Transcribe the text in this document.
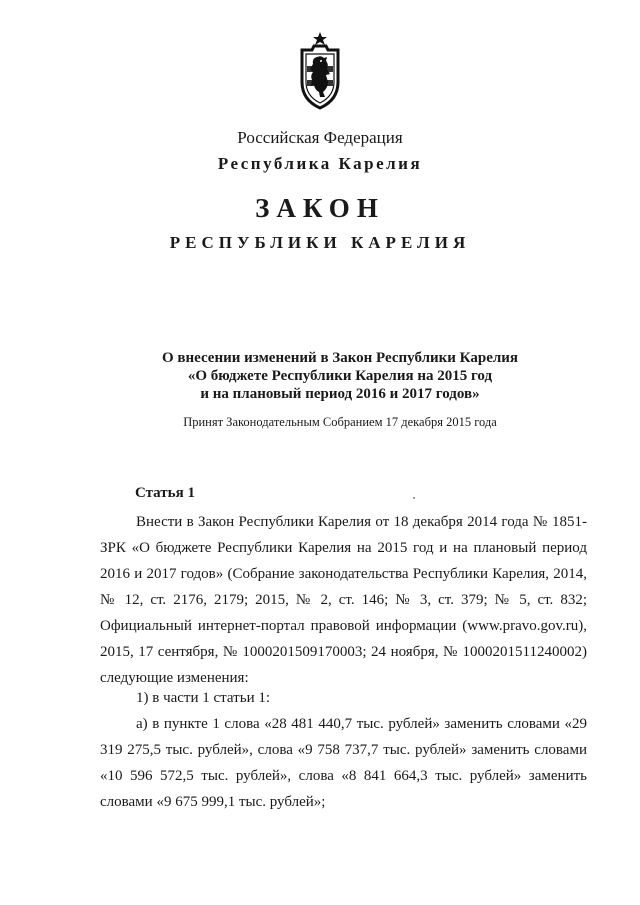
Российская Федерация
Республика Карелия
ЗАКОН
РЕСПУБЛИКИ КАРЕЛИЯ
О внесении изменений в Закон Республики Карелия
«О бюджете Республики Карелия на 2015 год
и на плановый период 2016 и 2017 годов»
Принят Законодательным Собранием 17 декабря 2015 года
Статья 1

Внести в Закон Республики Карелия от 18 декабря 2014 года № 1851-ЗРК «О бюджете Республики Карелия на 2015 год и на плановый период 2016 и 2017 годов» (Собрание законодательства Республики Карелия, 2014, № 12, ст. 2176, 2179; 2015, № 2, ст. 146; № 3, ст. 379; № 5, ст. 832; Официальный интернет-портал правовой информации (www.pravo.gov.ru), 2015, 17 сентября, № 1000201509170003; 24 ноября, № 1000201511240002) следующие изменения:

1) в части 1 статьи 1:

а) в пункте 1 слова «28 481 440,7 тыс. рублей» заменить словами «29 319 275,5 тыс. рублей», слова «9 758 737,7 тыс. рублей» заменить словами «10 596 572,5 тыс. рублей», слова «8 841 664,3 тыс. рублей» заменить словами «9 675 999,1 тыс. рублей»;
